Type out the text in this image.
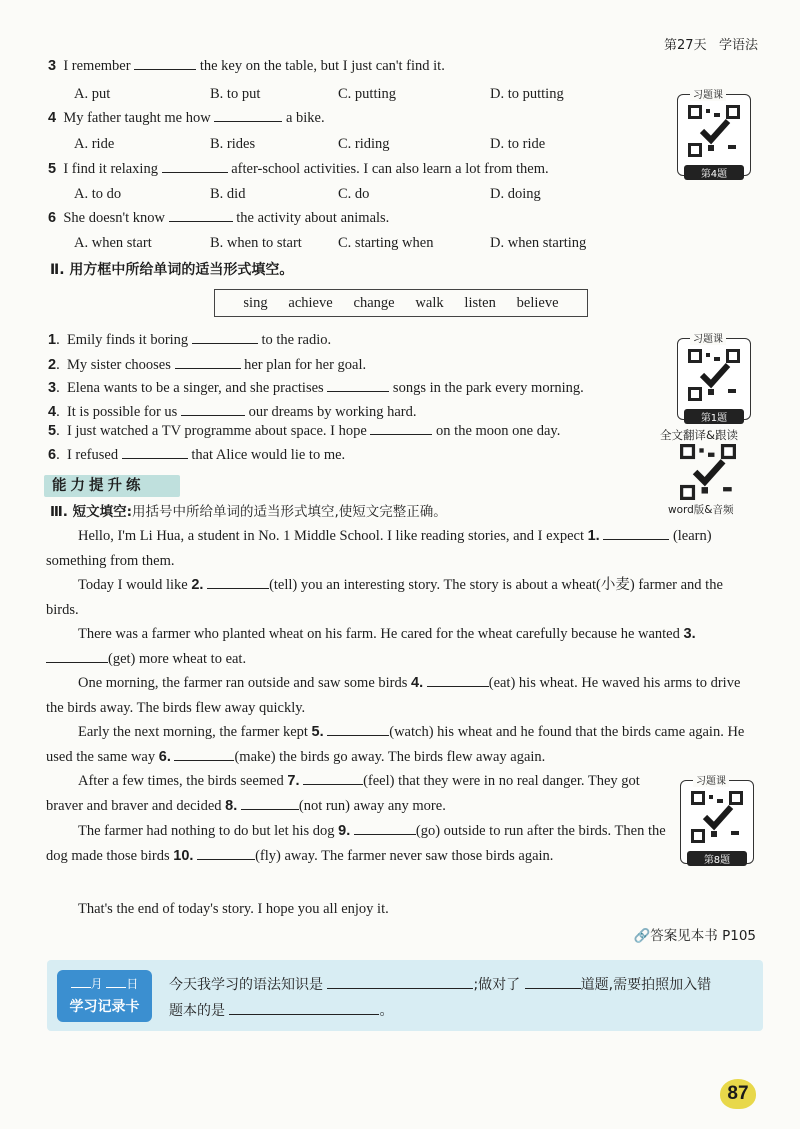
第27天 学语法
3 I remember	the key on the table, but I just can't find it.
A. put	B. to put	C. putting	D. to putting
4 My father taught me how	a bike.
A. ride	B. rides	C. riding	D. to ride
5 I find it relaxing	after-school activities. I can also learn a lot from them.
A. to do	B. did	C. do	D. doing
6 She doesn't know	the activity about animals.
A. when start	B. when to start C. starting when	D. when starting
Ⅱ. 用方框中所给单词的适当形式填空。
sing achieve change walk listen believe
1.  Emily finds it boring	to the radio.
2.  My sister chooses	her plan for her goal.
3.  Elena wants to be a singer, and she practises	songs in the park every morning.
4.  It is possible for us	our dreams by working hard.
5.  I just watched a TV programme about space. I hope	on the moon one day.
6.  I refused	that Alice would lie to me.
习题课
第4题
习题课
第1题
全文翻译&跟读
word版&音频
习题课
第8题
能力提升练
Ⅲ. 短文填空:用括号中所给单词的适当形式填空,使短文完整正确。
Hello, I'm Li Hua, a student in No. 1 Middle School. I like reading stories, and I expect 1.	(learn) something from them.
Today I would like 2.	(tell) you an interesting story. The story is about a wheat(小麦) farmer and the birds.
There was a farmer who planted wheat on his farm. He cared for the wheat carefully because he wanted 3. (get) more wheat to eat.
One morning, the farmer ran outside and saw some birds 4.	(eat) his wheat. He waved his arms to drive the birds away. The birds flew away quickly.
Early the next morning, the farmer kept 5.	(watch) his wheat and he found that the birds came again. He used the same way 6.	(make) the birds go away. The birds flew away again.
After a few times, the birds seemed 7.	(feel) that they were in no real danger. They got braver and braver and decided 8.	(not run) away any more.
The farmer had nothing to do but let his dog 9.	(go) outside to run after the birds. Then the dog made those birds 10.	(fly) away. The farmer never saw those birds again.
That's the end of today's story. I hope you all enjoy it.
🔗答案见本书 P105
月 日
学习记录卡
今天我学习的语法知识是	;做对了	道题,需要拍照加入错
题本的是	。
87
